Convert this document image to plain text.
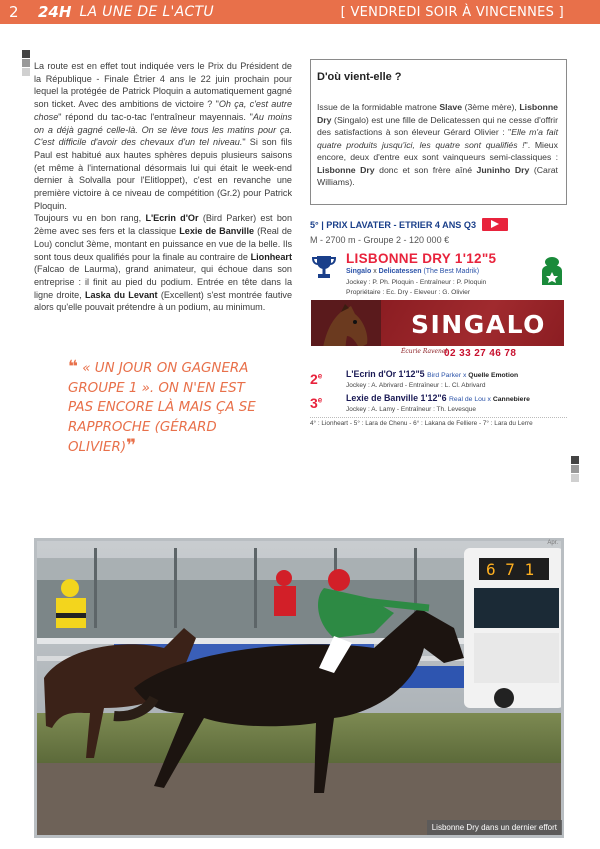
2	24H LA UNE DE L'ACTU	[ VENDREDI SOIR À VINCENNES ]

La route est en effet tout indiquée vers le Prix du Président de la République - Finale Étrier 4 ans le 22 juin prochain pour lequel la protégée de Patrick Ploquin a automatiquement gagné son ticket. Avec des ambitions de victoire ? "Oh ça, c'est autre chose" répond du tac-o-tac l'entraîneur mayennais. "Au moins on a déjà gagné celle-là. On se lève tous les matins pour ça. C'est difficile d'avoir des chevaux d'un tel niveau." Si son fils Paul est habitué aux hautes sphères depuis plusieurs saisons (et même à l'international désormais lui qui était le week-end dernier à Solvalla pour l'Elitloppet), c'est en revanche une première victoire à ce niveau de compétition (Gr.2) pour Patrick Ploquin.

Toujours vu en bon rang, L'Ecrin d'Or (Bird Parker) est bon 2ème avec ses fers et la classique Lexie de Banville (Real de Lou) conclut 3ème, montant en puissance en vue de la belle. Ils sont tous deux qualifiés pour la finale au contraire de Lionheart (Falcao de Laurma), grand animateur, qui échoue dans son entreprise : il finit au pied du podium. Entrée en tête dans la ligne droite, Laska du Levant (Excellent) s'est montrée fautive alors qu'elle pouvait prétendre à un podium, au minimum.

❝ « UN JOUR ON GAGNERA GROUPE 1 ». ON N'EN EST PAS ENCORE LÀ MAIS ÇA SE RAPPROCHE (GÉRARD OLIVIER)❞
D'où vient-elle ?
Issue de la formidable matrone Slave (3ème mère), Lisbonne Dry (Singalo) est une fille de Delicatessen qui ne cesse d'offrir des satisfactions à son éleveur Gérard Olivier : "Elle m'a fait quatre produits jusqu'ici, les quatre sont qualifiés !". Mieux encore, deux d'entre eux sont vainqueurs semi-classiques : Lisbonne Dry donc et son frère aîné Juninho Dry (Carat Williams).
5° | PRIX LAVATER - ETRIER 4 ANS Q3
M - 2700 m - Groupe 2 - 120 000 €
LISBONNE DRY 1'12"5
Singalo x Delicatessen (The Best Madrik)
Jockey : P. Ph. Ploquin - Entraîneur : P. Ploquin
Propriétaire : Ec. Dry - Eleveur : G. Olivier
SINGALO
Écurie Ravenel
02 33 27 46 78
2e	L'Ecrin d'Or 1'12"5 Bird Parker x Quelle Emotion
Jockey : A. Abrivard - Entraîneur : L. Cl. Abrivard
3e	Lexie de Banville 1'12"6 Real de Lou x Cannebiere
Jockey : A. Lamy - Entraîneur : Th. Levesque
4° : Lionheart - 5° : Lara de Chenu - 6° : Lakana de Felliere - 7° : Lara du Lerre
6 7 1
Apr.
Lisbonne Dry dans un dernier effort
